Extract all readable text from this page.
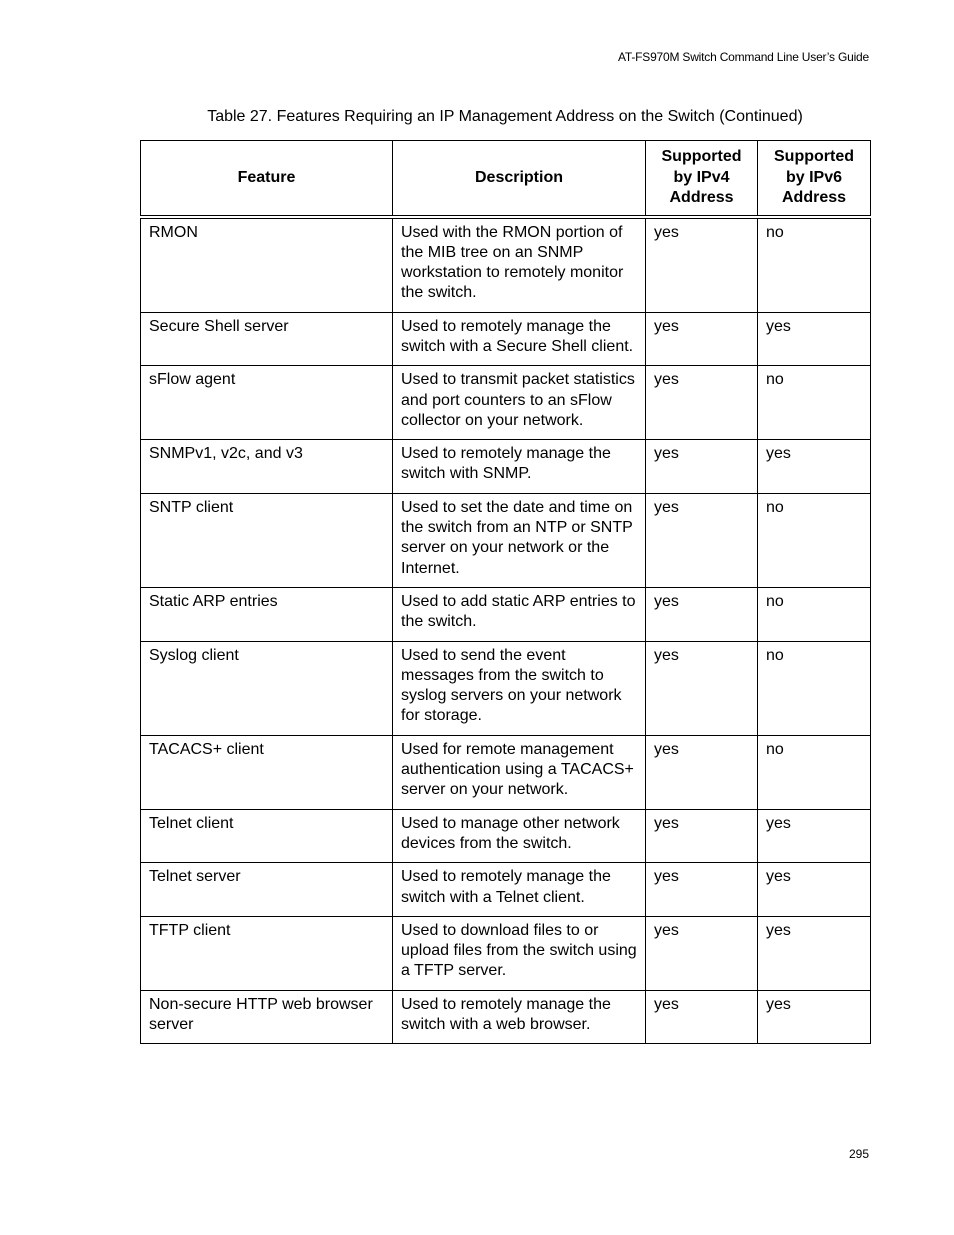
AT-FS970M Switch Command Line User’s Guide
Table 27. Features Requiring an IP Management Address on the Switch (Continued)
Feature	Description	Supported by IPv4 Address	Supported by IPv6 Address
RMON	Used with the RMON portion of the MIB tree on an SNMP workstation to remotely monitor the switch.	yes	no
Secure Shell server	Used to remotely manage the switch with a Secure Shell client.	yes	yes
sFlow agent	Used to transmit packet statistics and port counters to an sFlow collector on your network.	yes	no
SNMPv1, v2c, and v3	Used to remotely manage the switch with SNMP.	yes	yes
SNTP client	Used to set the date and time on the switch from an NTP or SNTP server on your network or the Internet.	yes	no
Static ARP entries	Used to add static ARP entries to the switch.	yes	no
Syslog client	Used to send the event messages from the switch to syslog servers on your network for storage.	yes	no
TACACS+ client	Used for remote management authentication using a TACACS+ server on your network.	yes	no
Telnet client	Used to manage other network devices from the switch.	yes	yes
Telnet server	Used to remotely manage the switch with a Telnet client.	yes	yes
TFTP client	Used to download files to or upload files from the switch using a TFTP server.	yes	yes
Non-secure HTTP web browser server	Used to remotely manage the switch with a web browser.	yes	yes
295
